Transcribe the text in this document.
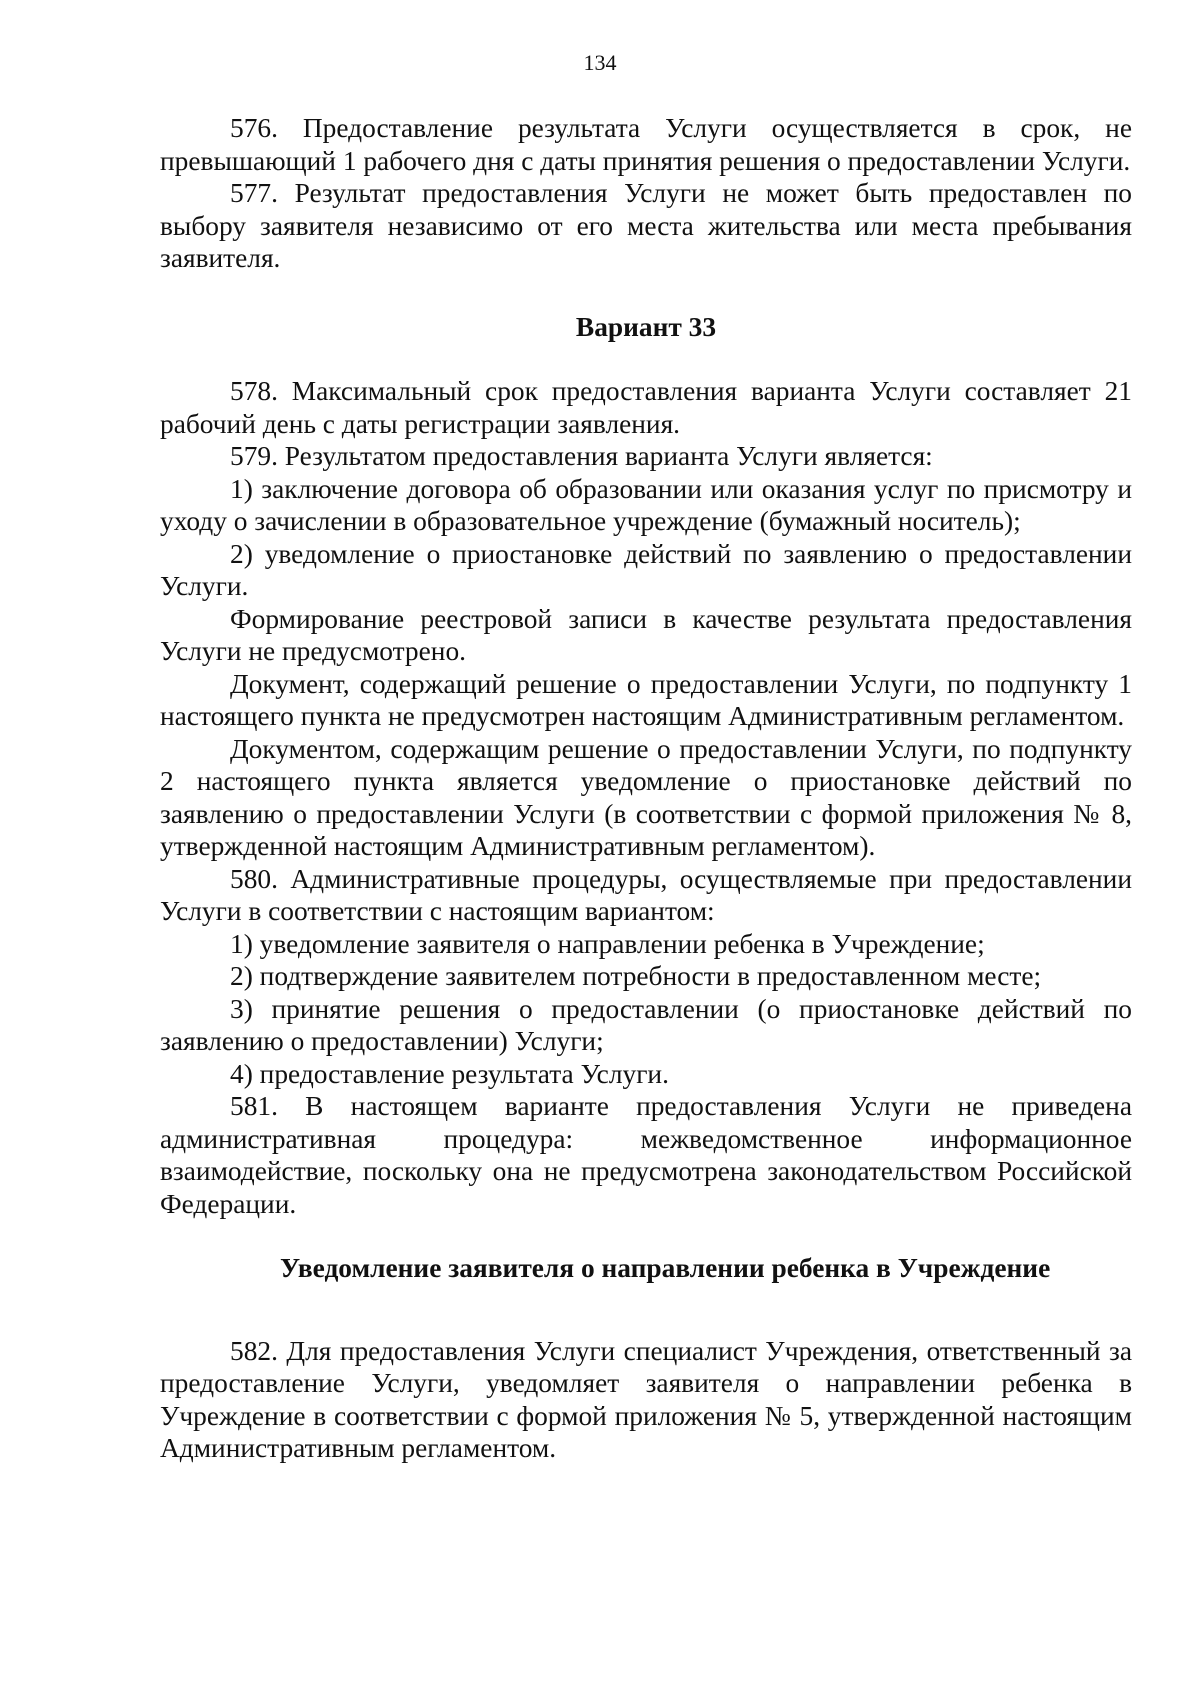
134

576. Предоставление результата Услуги осуществляется в срок, не превышающий 1 рабочего дня с даты принятия решения о предоставлении Услуги.

577. Результат предоставления Услуги не может быть предоставлен по выбору заявителя независимо от его места жительства или места пребывания заявителя.

Вариант 33

578. Максимальный срок предоставления варианта Услуги составляет 21 рабочий день с даты регистрации заявления.

579. Результатом предоставления варианта Услуги является:

1) заключение договора об образовании или оказания услуг по присмотру и уходу о зачислении в образовательное учреждение (бумажный носитель);

2) уведомление о приостановке действий по заявлению о предоставлении Услуги.

Формирование реестровой записи в качестве результата предоставления Услуги не предусмотрено.

Документ, содержащий решение о предоставлении Услуги, по подпункту 1 настоящего пункта не предусмотрен настоящим Административным регламентом.

Документом, содержащим решение о предоставлении Услуги, по подпункту 2 настоящего пункта является уведомление о приостановке действий по заявлению о предоставлении Услуги (в соответствии с формой приложения № 8, утвержденной настоящим Административным регламентом).

580. Административные процедуры, осуществляемые при предоставлении Услуги в соответствии с настоящим вариантом:

1) уведомление заявителя о направлении ребенка в Учреждение;

2) подтверждение заявителем потребности в предоставленном месте;

3) принятие решения о предоставлении (о приостановке действий по заявлению о предоставлении) Услуги;

4) предоставление результата Услуги.

581. В настоящем варианте предоставления Услуги не приведена административная процедура: межведомственное информационное взаимодействие, поскольку она не предусмотрена законодательством Российской Федерации.

Уведомление заявителя о направлении ребенка в Учреждение

582. Для предоставления Услуги специалист Учреждения, ответственный за предоставление Услуги, уведомляет заявителя о направлении ребенка в Учреждение в соответствии с формой приложения № 5, утвержденной настоящим Административным регламентом.
